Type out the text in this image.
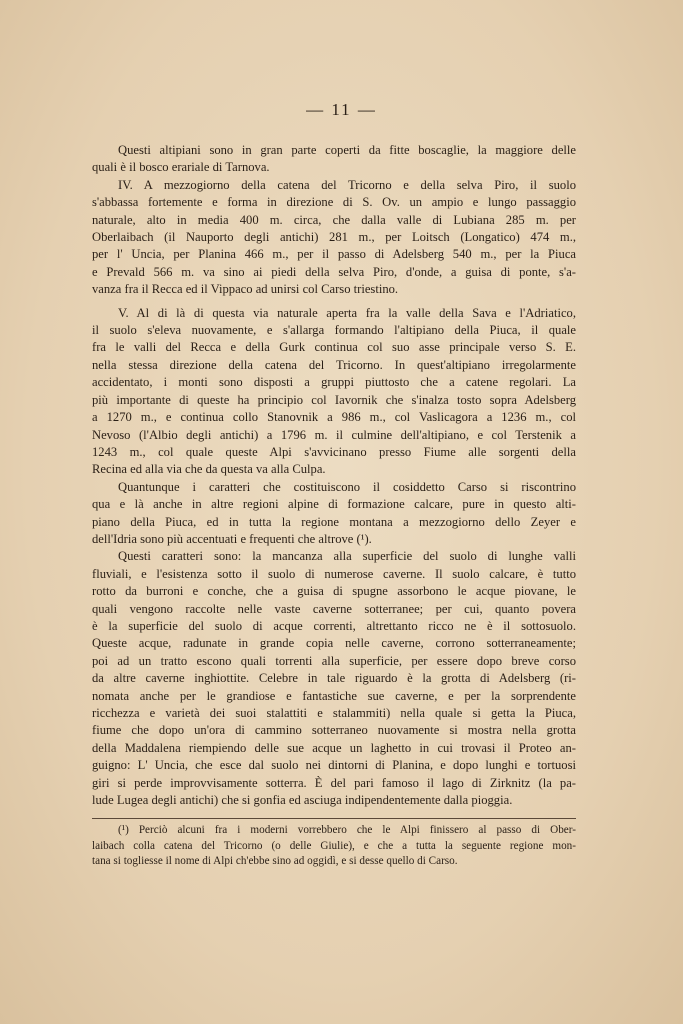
— 11 —

Questi altipiani sono in gran parte coperti da fitte boscaglie, la maggiore delle
quali è il bosco erariale di Tarnova.

IV. A mezzogiorno della catena del Tricorno e della selva Piro, il suolo
s'abbassa fortemente e forma in direzione di S. Ov. un ampio e lungo passaggio
naturale, alto in media 400 m. circa, che dalla valle di Lubiana 285 m. per
Oberlaibach (il Nauporto degli antichi) 281 m., per Loitsch (Longatico) 474 m.,
per l' Uncia, per Planina 466 m., per il passo di Adelsberg 540 m., per la Piuca
e Prevald 566 m. va sino ai piedi della selva Piro, d'onde, a guisa di ponte, s'a-
vanza fra il Recca ed il Vippaco ad unirsi col Carso triestino.

V. Al di là di questa via naturale aperta fra la valle della Sava e l'Adriatico,
il suolo s'eleva nuovamente, e s'allarga formando l'altipiano della Piuca, il quale
fra le valli del Recca e della Gurk continua col suo asse principale verso S. E.
nella stessa direzione della catena del Tricorno. In quest'altipiano irregolarmente
accidentato, i monti sono disposti a gruppi piuttosto che a catene regolari. La
più importante di queste ha principio col Iavornik che s'inalza tosto sopra Adelsberg
a 1270 m., e continua collo Stanovnik a 986 m., col Vaslicagora a 1236 m., col
Nevoso (l'Albio degli antichi) a 1796 m. il culmine dell'altipiano, e col Terstenik a
1243 m., col quale queste Alpi s'avvicinano presso Fiume alle sorgenti della
Recina ed alla via che da questa va alla Culpa.

Quantunque i caratteri che costituiscono il cosiddetto Carso si riscontrino
qua e là anche in altre regioni alpine di formazione calcare, pure in questo alti-
piano della Piuca, ed in tutta la regione montana a mezzogiorno dello Zeyer e
dell'Idria sono più accentuati e frequenti che altrove (¹).

Questi caratteri sono: la mancanza alla superficie del suolo di lunghe valli
fluviali, e l'esistenza sotto il suolo di numerose caverne. Il suolo calcare, è tutto
rotto da burroni e conche, che a guisa di spugne assorbono le acque piovane, le
quali vengono raccolte nelle vaste caverne sotterranee; per cui, quanto povera
è la superficie del suolo di acque correnti, altrettanto ricco ne è il sottosuolo.
Queste acque, radunate in grande copia nelle caverne, corrono sotterraneamente;
poi ad un tratto escono quali torrenti alla superficie, per essere dopo breve corso
da altre caverne inghiottite. Celebre in tale riguardo è la grotta di Adelsberg (ri-
nomata anche per le grandiose e fantastiche sue caverne, e per la sorprendente
ricchezza e varietà dei suoi stalattiti e stalammiti) nella quale si getta la Piuca,
fiume che dopo un'ora di cammino sotterraneo nuovamente si mostra nella grotta
della Maddalena riempiendo delle sue acque un laghetto in cui trovasi il Proteo an-
guigno: L' Uncia, che esce dal suolo nei dintorni di Planina, e dopo lunghi e tortuosi
giri si perde improvvisamente sotterra. È del pari famoso il lago di Zirknitz (la pa-
lude Lugea degli antichi) che si gonfia ed asciuga indipendentemente dalla pioggia.

(¹) Perciò alcuni fra i moderni vorrebbero che le Alpi finissero al passo di Ober-
laibach colla catena del Tricorno (o delle Giulie), e che a tutta la seguente regione mon-
tana si togliesse il nome di Alpi ch'ebbe sino ad oggidì, e si desse quello di Carso.
